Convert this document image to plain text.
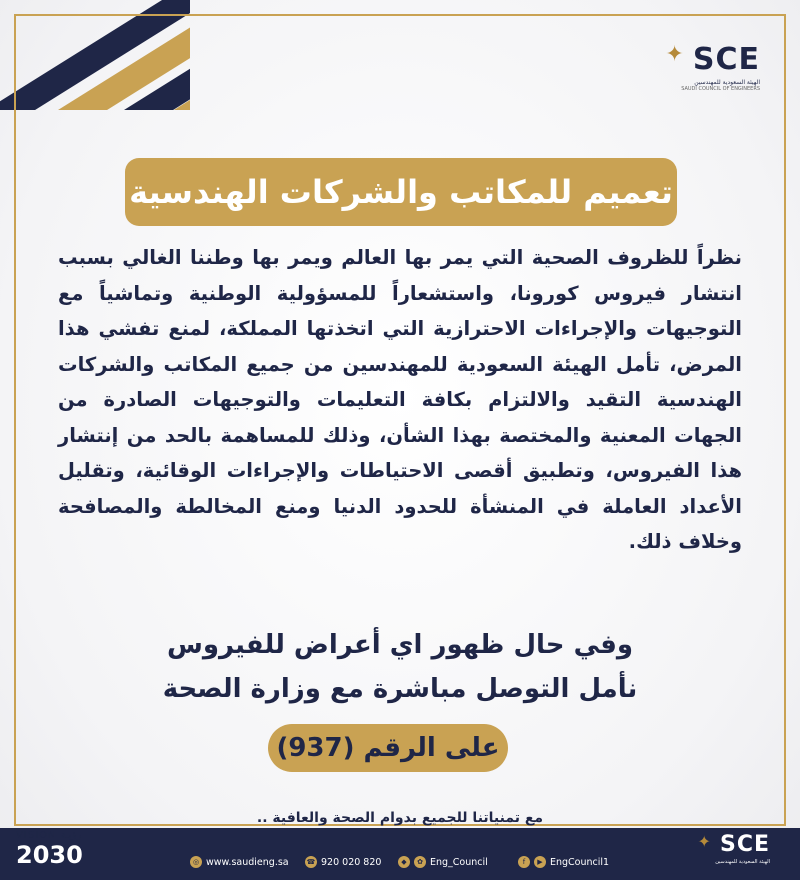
✦ SCE
الهيئة السعودية للمهندسين
SAUDI COUNCIL OF ENGINEERS
تعميم للمكاتب والشركات الهندسية

نظراً للظروف الصحية التي يمر بها العالم ويمر بها وطننا الغالي بسبب انتشار فيروس كورونا، واستشعاراً للمسؤولية الوطنية وتماشياً مع التوجيهات والإجراءات الاحترازية التي اتخذتها المملكة، لمنع تفشي هذا المرض، تأمل الهيئة السعودية للمهندسين من جميع المكاتب والشركات الهندسية التقيد والالتزام بكافة التعليمات والتوجيهات الصادرة من الجهات المعنية والمختصة بهذا الشأن، وذلك للمساهمة بالحد من إنتشار هذا الفيروس، وتطبيق أقصى الاحتياطات والإجراءات الوقائية، وتقليل الأعداد العاملة في المنشأة للحدود الدنيا ومنع المخالطة والمصافحة وخلاف ذلك.

وفي حال ظهور اي أعراض للفيروس
نأمل التوصل مباشرة مع وزارة الصحة
على الرقم (937)
مع تمنياتنا للجميع بدوام الصحة والعافية ..
VISION رؤيـة
2030	◎ www.saudieng.sa	☎ 920 020 820	◆	✿ Eng_Council	f	▶ EngCouncil1
✦ SCE
الهيئة السعودية للمهندسين
